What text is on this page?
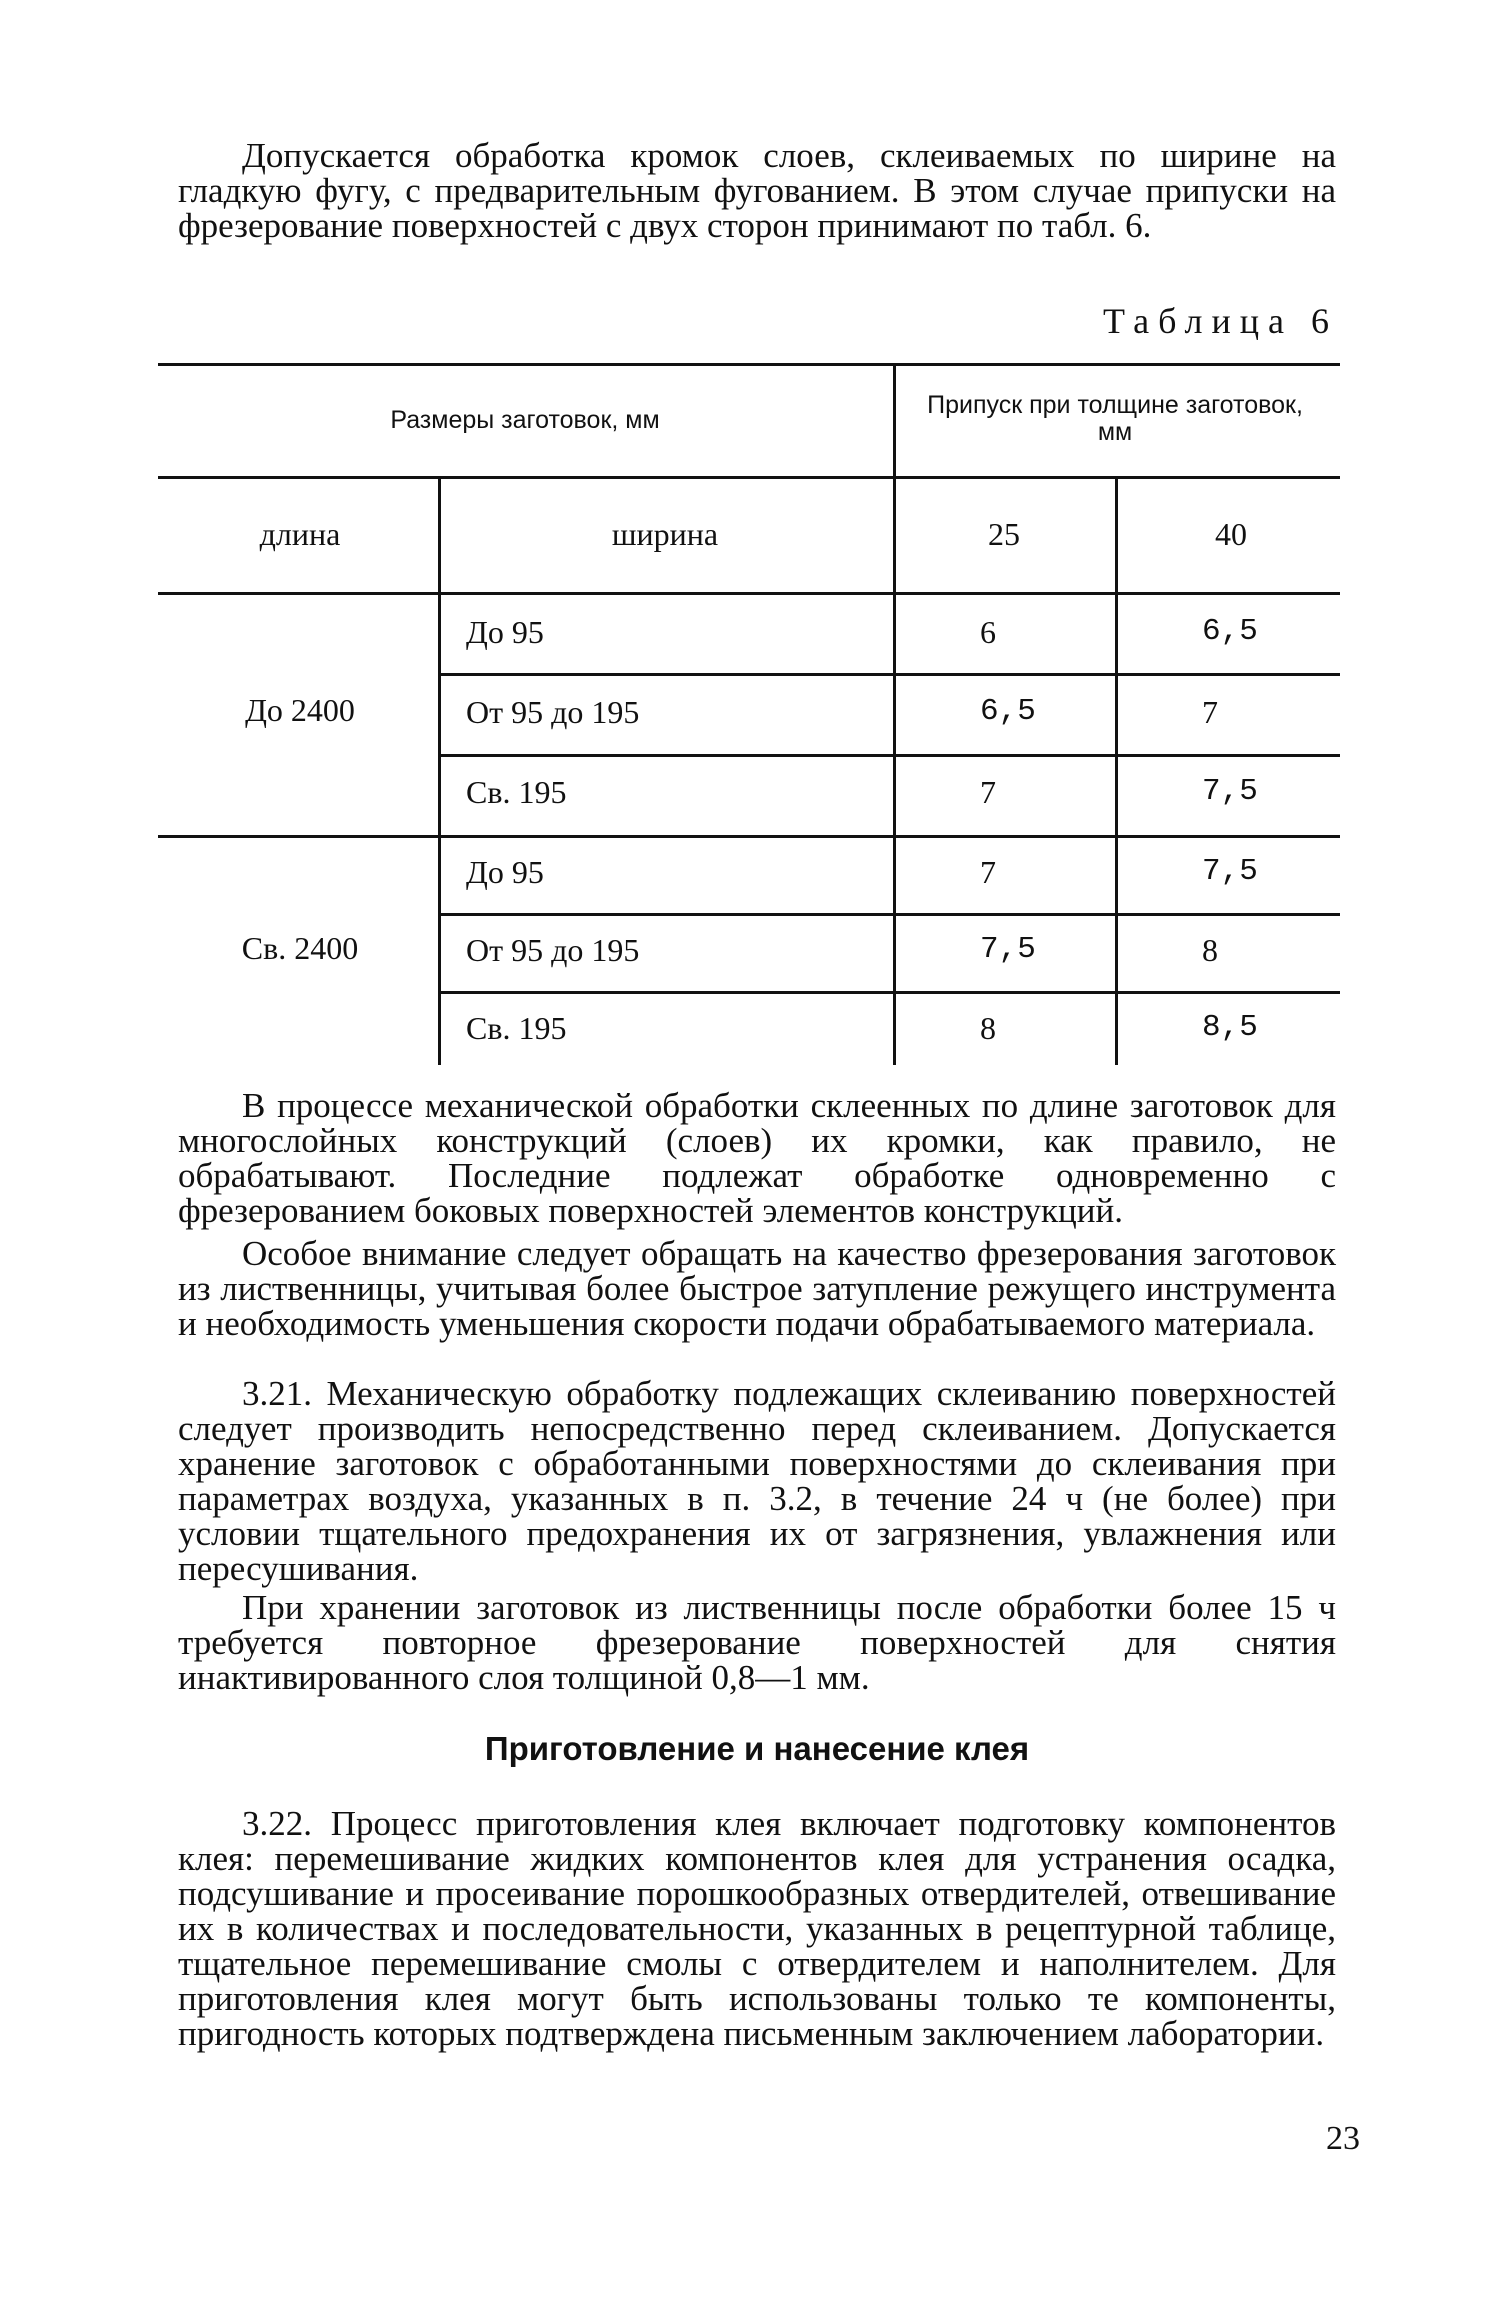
Допускается обработка кромок слоев, склеиваемых по ширине на гладкую фугу, с предварительным фугованием. В этом случае припуски на фрезерование поверхностей с двух сторон принимают по табл. 6.

Таблица 6
Размеры заготовок, мм
Припуск при толщине заготовок, мм
длина	ширина	25	40
До 2400
До 95	6	6,5
От 95 до 195	6,5	7
Св. 195	7	7,5
Св. 2400
До 95	7	7,5
От 95 до 195	7,5	8
Св. 195	8	8,5

В процессе механической обработки склеенных по длине заготовок для многослойных конструкций (слоев) их кромки, как правило, не обрабатывают. Последние подлежат обработке одновременно с фрезерованием боковых поверхностей элементов конструкций.

Особое внимание следует обращать на качество фрезерования заготовок из лиственницы, учитывая более быстрое затупление режущего инструмента и необходимость уменьшения скорости подачи обрабатываемого материала.

3.21. Механическую обработку подлежащих склеиванию поверхностей следует производить непосредственно перед склеиванием. Допускается хранение заготовок с обработанными поверхностями до склеивания при параметрах воздуха, указанных в п. 3.2, в течение 24 ч (не более) при условии тщательного предохранения их от загрязнения, увлажнения или пересушивания.

При хранении заготовок из лиственницы после обработки более 15 ч требуется повторное фрезерование поверхностей для снятия инактивированного слоя толщиной 0,8—1 мм.

Приготовление и нанесение клея

3.22. Процесс приготовления клея включает подготовку компонентов клея: перемешивание жидких компонентов клея для устранения осадка, подсушивание и просеивание порошкообразных отвердителей, отвешивание их в количествах и последовательности, указанных в рецептурной таблице, тщательное перемешивание смолы с отвердителем и наполнителем. Для приготовления клея могут быть использованы только те компоненты, пригодность которых подтверждена письменным заключением лаборатории.

23
